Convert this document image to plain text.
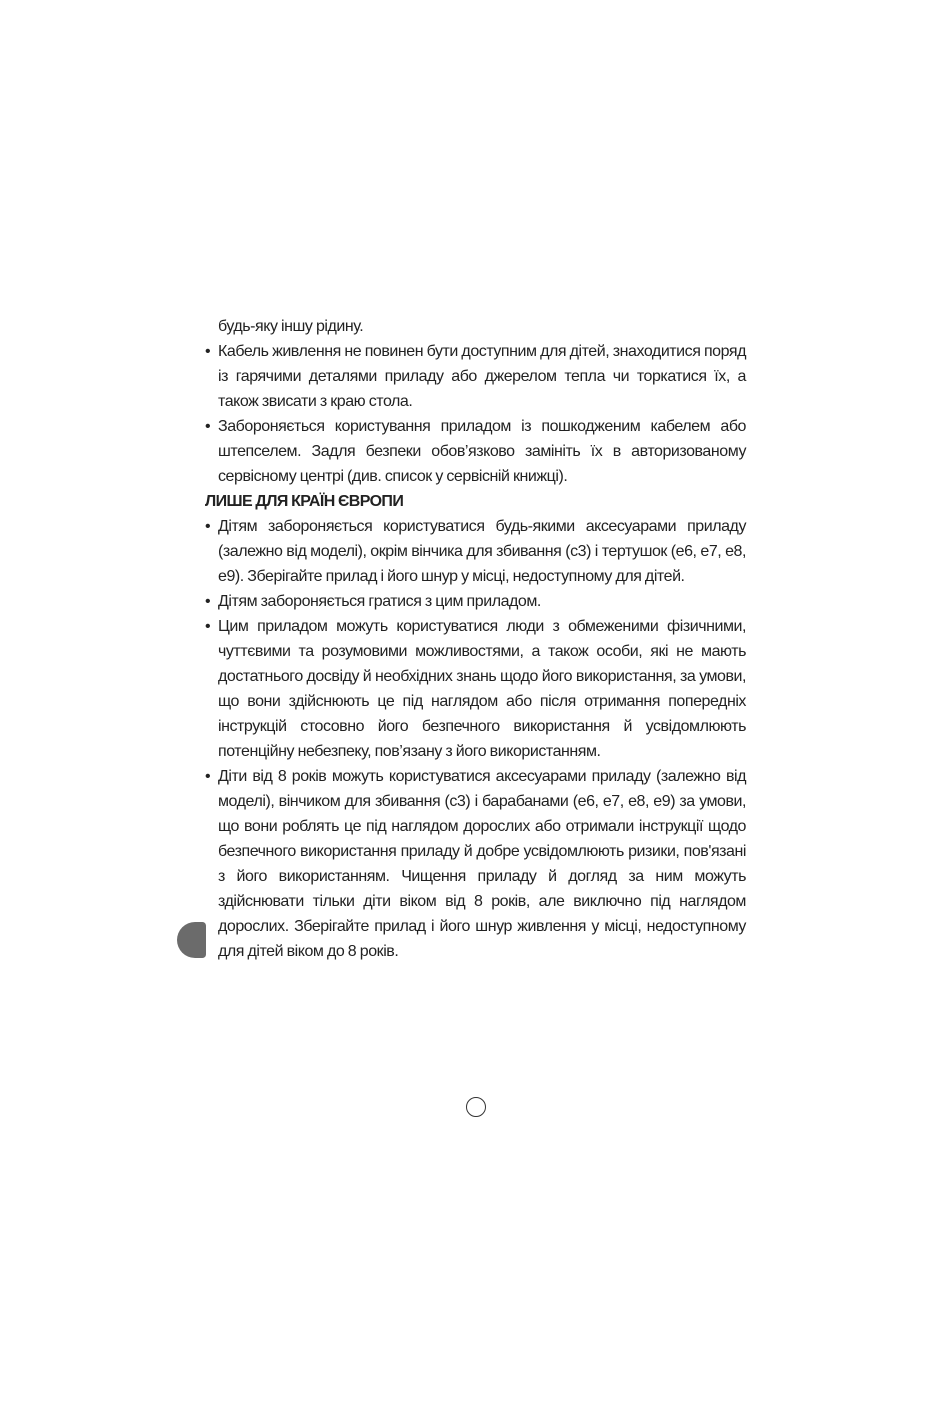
будь-яку іншу рідину.

• Кабель живлення не повинен бути доступним для дітей, знаходитися поряд із гарячими деталями приладу або джерелом тепла чи торкатися їх, а також звисати з краю стола.
• Забороняється користування приладом із пошкодженим кабелем або штепселем. Задля безпеки обов’язково замініть їх в авторизованому сервісному центрі (див. список у сервісній книжці).

ЛИШЕ ДЛЯ КРАЇН ЄВРОПИ

• Дітям забороняється користуватися будь-якими аксесуарами приладу (залежно від моделі), окрім вінчика для збивання (c3) і тертушок (e6, e7, e8, e9). Зберігайте прилад і його шнур у місці, недоступному для дітей.
• Дітям забороняється гратися з цим приладом.
• Цим приладом можуть користуватися люди з обмеженими фізичними, чуттєвими та розумовими можливостями, а також особи, які не мають достатнього досвіду й необхідних знань щодо його використання, за умови, що вони здійснюють це під наглядом або після отримання попередніх інструкцій стосовно його безпечного використання й усвідомлюють потенційну небезпеку, пов’язану з його використанням.
• Діти від 8 років можуть користуватися аксесуарами приладу (залежно від моделі), вінчиком для збивання (c3) і барабанами (e6, e7, e8, e9) за умови, що вони роблять це під наглядом дорослих або отримали інструкції щодо безпечного використання приладу й добре усвідомлюють ризики, пов'язані з його використанням. Чищення приладу й догляд за ним можуть здійснювати тільки діти віком від 8 років, але виключно під наглядом дорослих. Зберігайте прилад і його шнур живлення у місці, недоступному для дітей віком до 8 років.
